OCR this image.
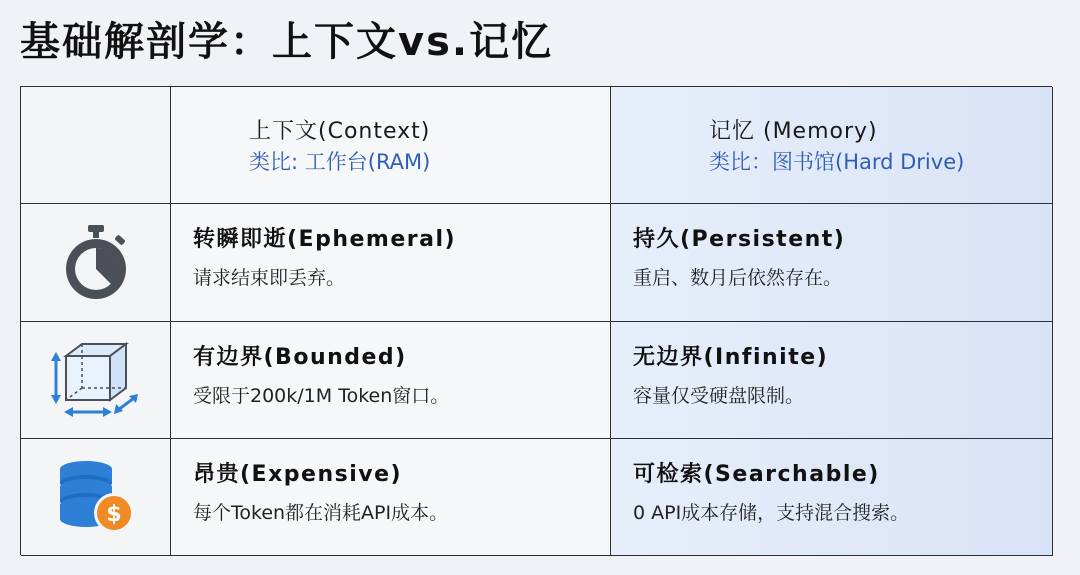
基础解剖学：上下文vs.记忆
上下文(Context)
类比: 工作台(RAM)
记忆 (Memory)
类比：图书馆(Hard Drive)
转瞬即逝(Ephemeral)
请求结束即丢弃。
持久(Persistent)
重启、数月后依然存在。
有边界(Bounded)
受限于200k/1M Token窗口。
无边界(Infinite)
容量仅受硬盘限制。
$
昂贵(Expensive)
每个Token都在消耗API成本。
可检索(Searchable)
0 API成本存储，支持混合搜索。
